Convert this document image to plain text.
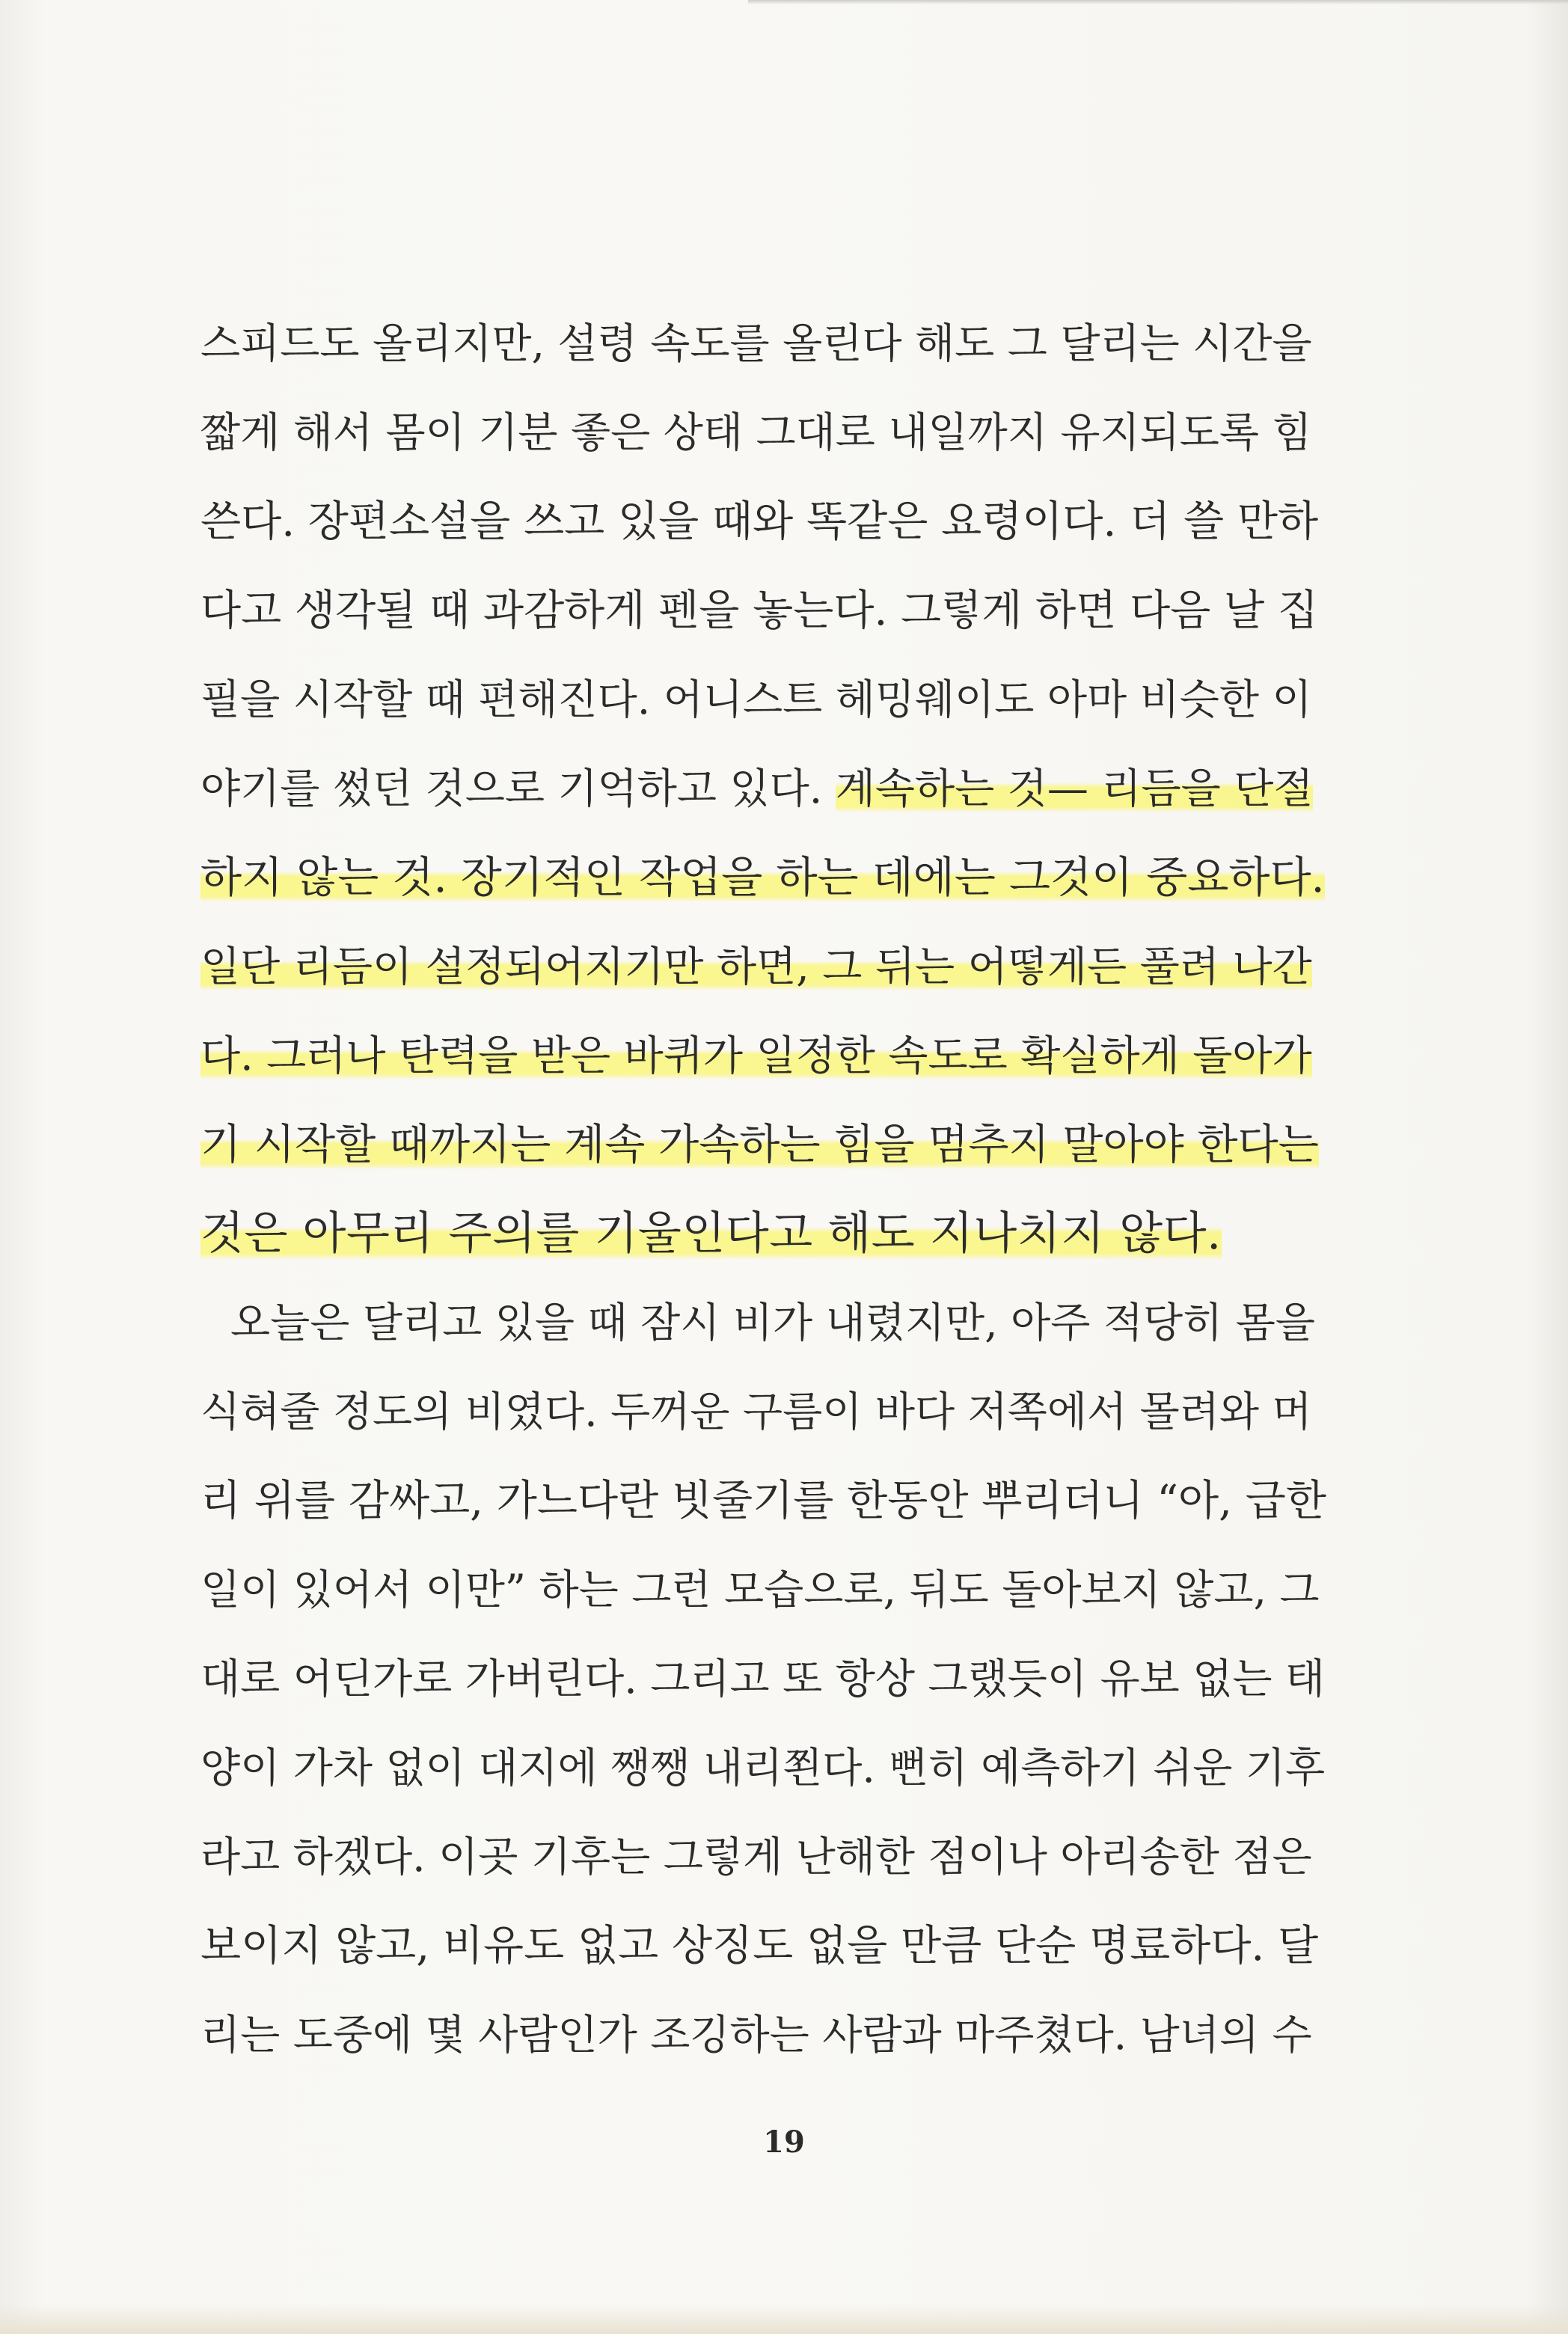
스피드도 올리지만, 설령 속도를 올린다 해도 그 달리는 시간을
짧게 해서 몸이 기분 좋은 상태 그대로 내일까지 유지되도록 힘
쓴다. 장편소설을 쓰고 있을 때와 똑같은 요령이다. 더 쓸 만하
다고 생각될 때 과감하게 펜을 놓는다. 그렇게 하면 다음 날 집
필을 시작할 때 편해진다. 어니스트 헤밍웨이도 아마 비슷한 이
야기를 썼던 것으로 기억하고 있다. 계속하는 것— 리듬을 단절
하지 않는 것. 장기적인 작업을 하는 데에는 그것이 중요하다.
일단 리듬이 설정되어지기만 하면, 그 뒤는 어떻게든 풀려 나간
다. 그러나 탄력을 받은 바퀴가 일정한 속도로 확실하게 돌아가
기 시작할 때까지는 계속 가속하는 힘을 멈추지 말아야 한다는
것은 아무리 주의를 기울인다고 해도 지나치지 않다.
오늘은 달리고 있을 때 잠시 비가 내렸지만, 아주 적당히 몸을
식혀줄 정도의 비였다. 두꺼운 구름이 바다 저쪽에서 몰려와 머
리 위를 감싸고, 가느다란 빗줄기를 한동안 뿌리더니 “아, 급한
일이 있어서 이만” 하는 그런 모습으로, 뒤도 돌아보지 않고, 그
대로 어딘가로 가버린다. 그리고 또 항상 그랬듯이 유보 없는 태
양이 가차 없이 대지에 쨍쨍 내리쬔다. 뻔히 예측하기 쉬운 기후
라고 하겠다. 이곳 기후는 그렇게 난해한 점이나 아리송한 점은
보이지 않고, 비유도 없고 상징도 없을 만큼 단순 명료하다. 달
리는 도중에 몇 사람인가 조깅하는 사람과 마주쳤다. 남녀의 수
19
